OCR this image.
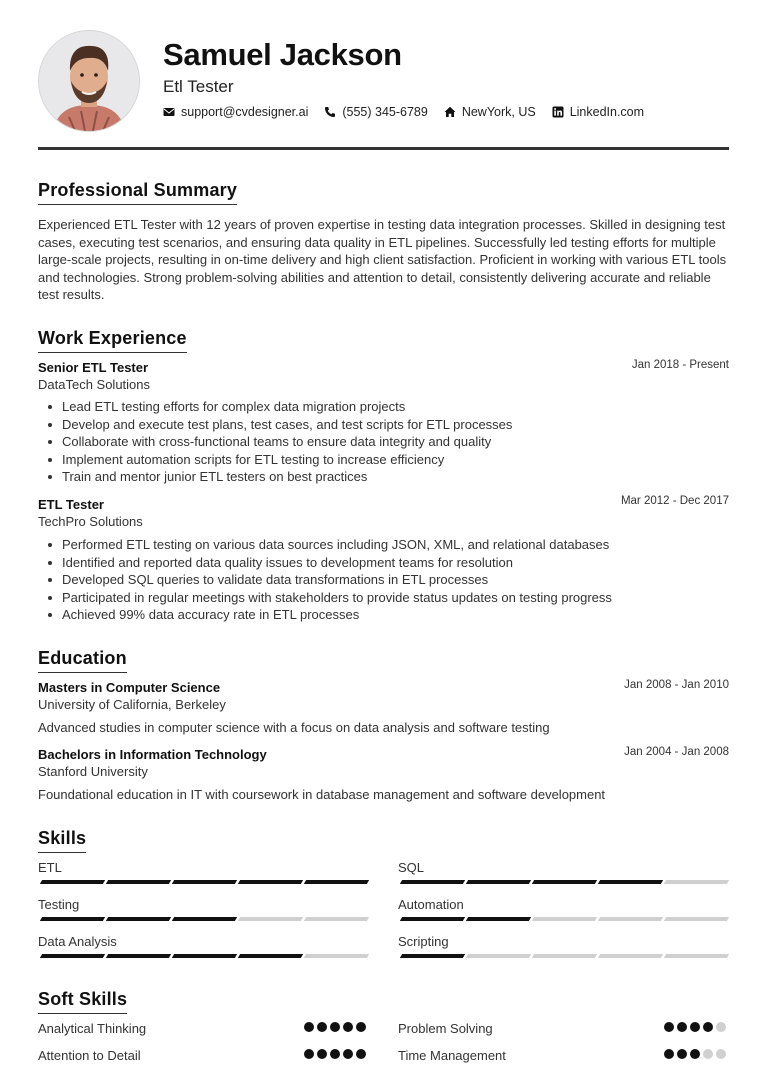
Samuel Jackson
Etl Tester
support@cvdesigner.ai	(555) 345-6789	NewYork, US	LinkedIn.com
Professional Summary
Experienced ETL Tester with 12 years of proven expertise in testing data integration processes. Skilled in designing test cases, executing test scenarios, and ensuring data quality in ETL pipelines. Successfully led testing efforts for multiple large-scale projects, resulting in on-time delivery and high client satisfaction. Proficient in working with various ETL tools and technologies. Strong problem-solving abilities and attention to detail, consistently delivering accurate and reliable test results.
Work Experience
Senior ETL Tester	Jan 2018 - Present
DataTech Solutions
Lead ETL testing efforts for complex data migration projects
Develop and execute test plans, test cases, and test scripts for ETL processes
Collaborate with cross-functional teams to ensure data integrity and quality
Implement automation scripts for ETL testing to increase efficiency
Train and mentor junior ETL testers on best practices
ETL Tester	Mar 2012 - Dec 2017
TechPro Solutions
Performed ETL testing on various data sources including JSON, XML, and relational databases
Identified and reported data quality issues to development teams for resolution
Developed SQL queries to validate data transformations in ETL processes
Participated in regular meetings with stakeholders to provide status updates on testing progress
Achieved 99% data accuracy rate in ETL processes
Education
Masters in Computer Science	Jan 2008 - Jan 2010
University of California, Berkeley
Advanced studies in computer science with a focus on data analysis and software testing
Bachelors in Information Technology	Jan 2004 - Jan 2008
Stanford University
Foundational education in IT with coursework in database management and software development
Skills
ETL	SQL
Testing	Automation
Data Analysis	Scripting
Soft Skills
Analytical Thinking	Problem Solving
Attention to Detail	Time Management
